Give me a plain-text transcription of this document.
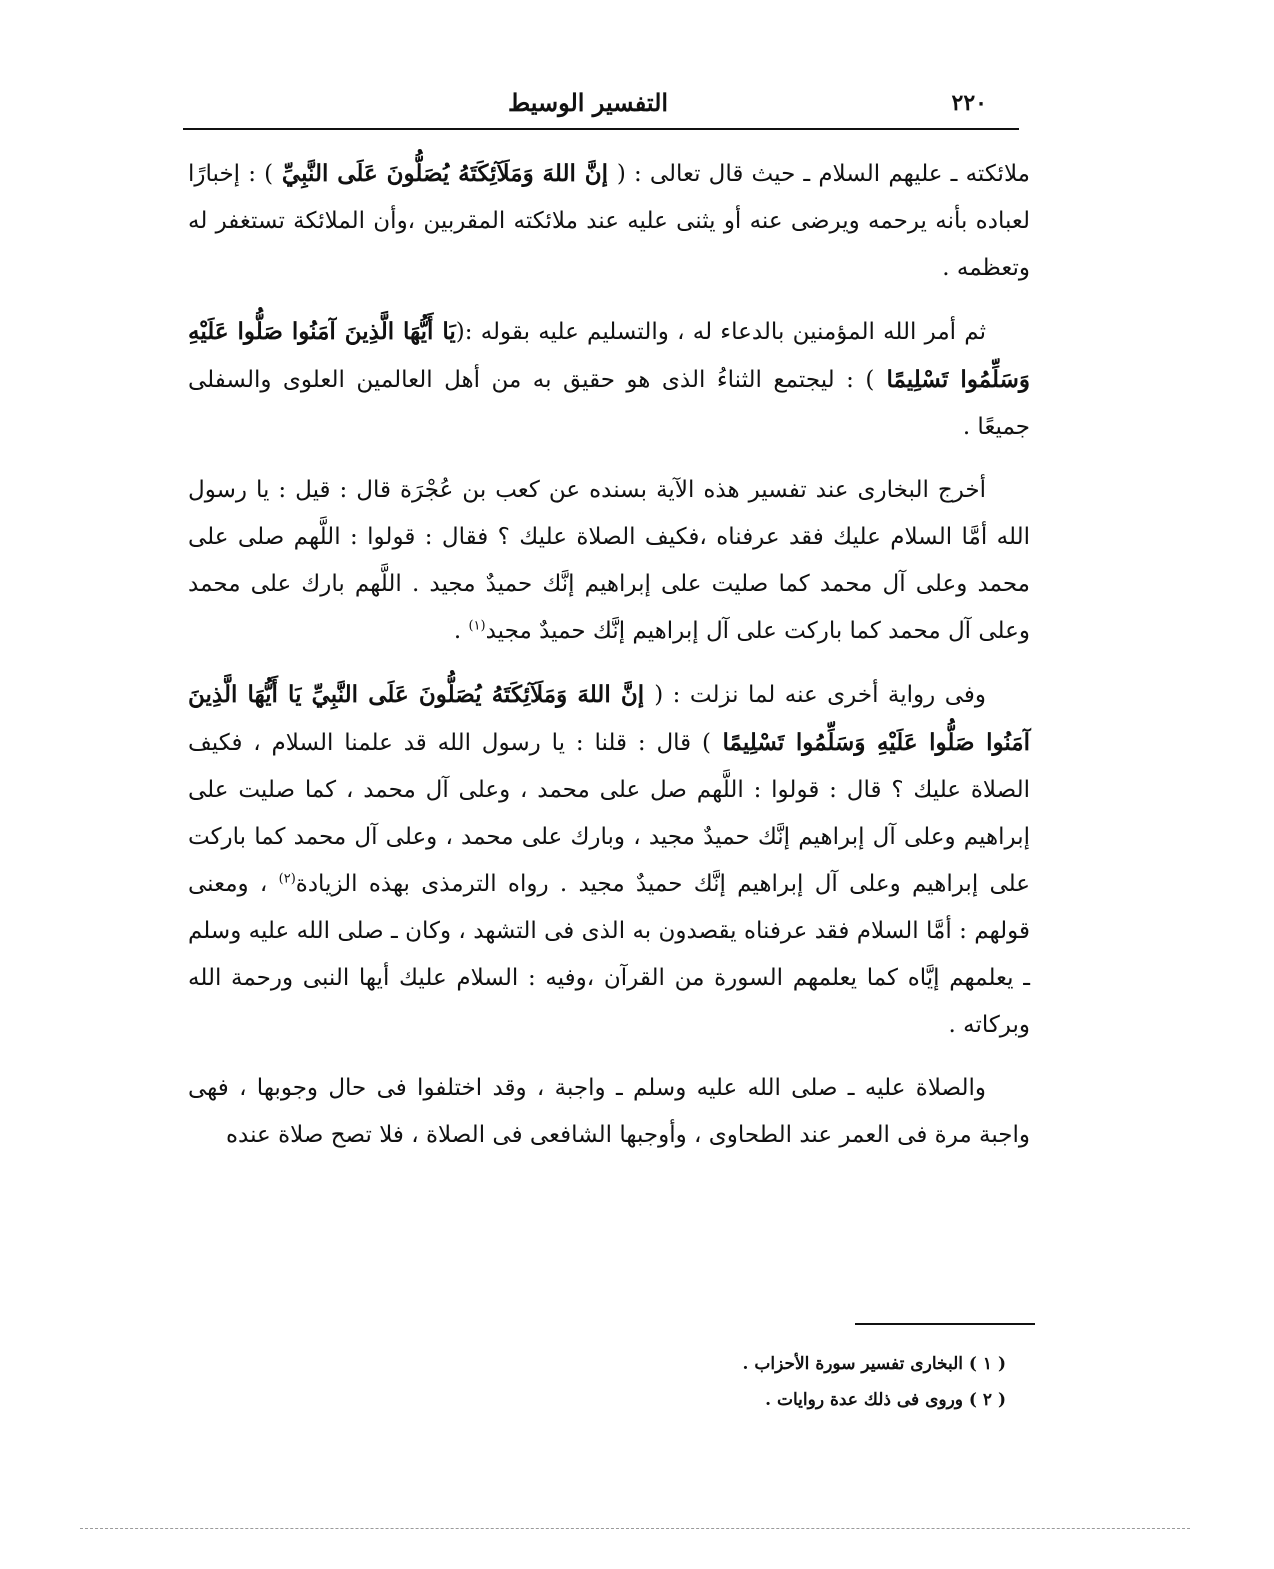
٢٢٠
التفسير الوسيط

ملائكته ـ عليهم السلام ـ حيث قال تعالى : ( إنَّ اللهَ وَمَلَآئِكَتَهُ يُصَلُّونَ عَلَى النَّبِيِّ ) : إخبارًا لعباده بأنه يرحمه ويرضى عنه أو يثنى عليه عند ملائكته المقربين ،وأن الملائكة تستغفر له وتعظمه .

ثم أمر الله المؤمنين بالدعاء له ، والتسليم عليه بقوله :(يَا أَيُّهَا الَّذِينَ آمَنُوا صَلُّوا عَلَيْهِ وَسَلِّمُوا تَسْلِيمًا ) : ليجتمع الثناءُ الذى هو حقيق به من أهل العالمين العلوى والسفلى جميعًا .

أخرج البخارى عند تفسير هذه الآية بسنده عن كعب بن عُجْرَة قال : قيل : يا رسول الله أمَّا السلام عليك فقد عرفناه ،فكيف الصلاة عليك ؟ فقال : قولوا : اللَّهم صلى على محمد وعلى آل محمد كما صليت على إبراهيم إنَّك حميدٌ مجيد . اللَّهم بارك على محمد وعلى آل محمد كما باركت على آل إبراهيم إنَّك حميدٌ مجيد$^{(١)}$ .

وفى رواية أخرى عنه لما نزلت : ( إنَّ اللهَ وَمَلَآئِكَتَهُ يُصَلُّونَ عَلَى النَّبِيِّ يَا أَيُّهَا الَّذِينَ آمَنُوا صَلُّوا عَلَيْهِ وَسَلِّمُوا تَسْلِيمًا ) قال : قلنا : يا رسول الله قد علمنا السلام ، فكيف الصلاة عليك ؟ قال : قولوا : اللَّهم صل على محمد ، وعلى آل محمد ، كما صليت على إبراهيم وعلى آل إبراهيم إنَّك حميدٌ مجيد ، وبارك على محمد ، وعلى آل محمد كما باركت على إبراهيم وعلى آل إبراهيم إنَّك حميدٌ مجيد . رواه الترمذى بهذه الزيادة$^{(٢)}$ ، ومعنى قولهم : أمَّا السلام فقد عرفناه يقصدون به الذى فى التشهد ، وكان ـ صلى الله عليه وسلم ـ يعلمهم إيَّاه كما يعلمهم السورة من القرآن ،وفيه : السلام عليك أيها النبى ورحمة الله وبركاته .

والصلاة عليه ـ صلى الله عليه وسلم ـ واجبة ، وقد اختلفوا فى حال وجوبها ، فهى واجبة مرة فى العمر عند الطحاوى ، وأوجبها الشافعى فى الصلاة ، فلا تصح صلاة عنده

( ١ ) البخارى تفسير سورة الأحزاب .

( ٢ ) وروى فى ذلك عدة روايات .
